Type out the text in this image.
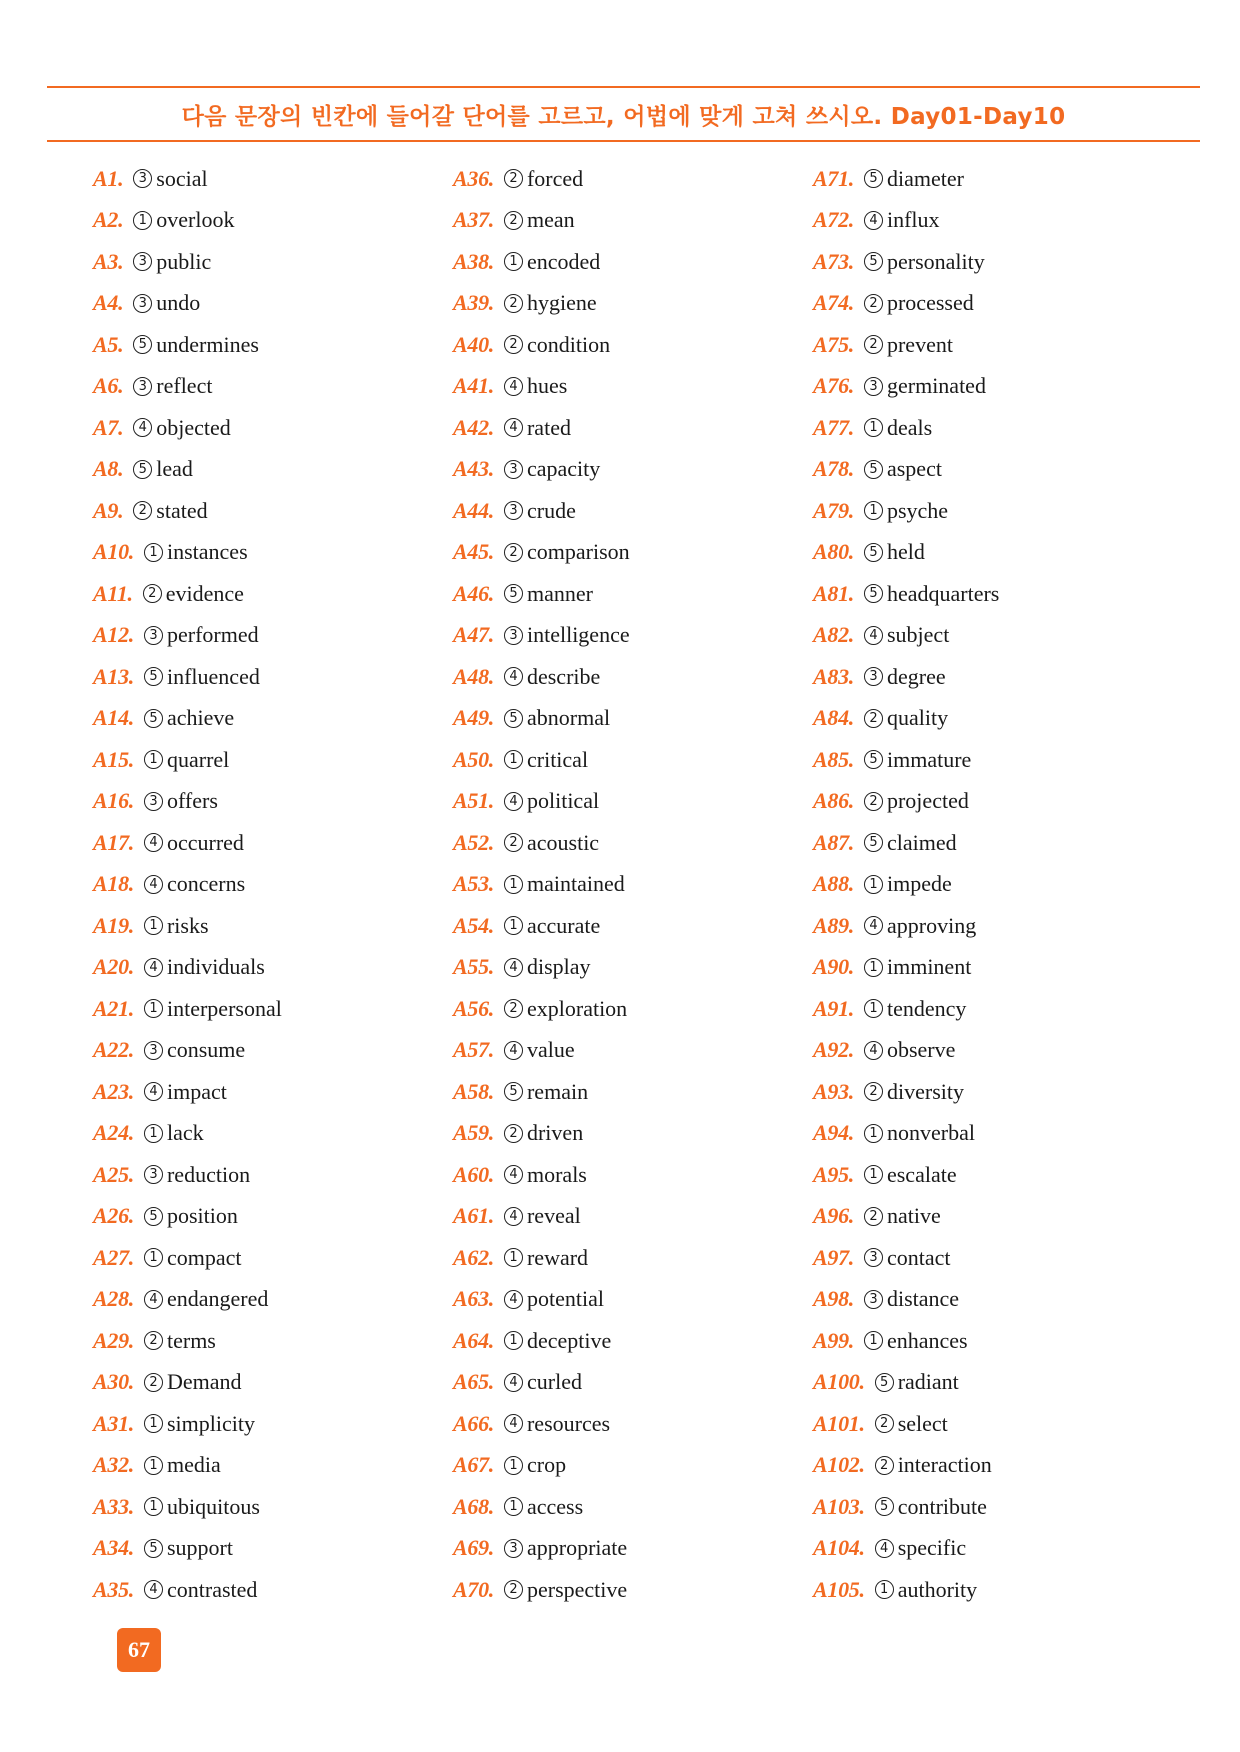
다음 문장의 빈칸에 들어갈 단어를 고르고, 어법에 맞게 고쳐 쓰시오. Day01-Day10
A1.	3 social
A2.	1 overlook
A3.	3 public
A4.	3 undo
A5.	5 undermines
A6.	3 reflect
A7.	4 objected
A8.	5 lead
A9.	2 stated
A10.	1 instances
A11.	2 evidence
A12.	3 performed
A13.	5 influenced
A14.	5 achieve
A15.	1 quarrel
A16.	3 offers
A17.	4 occurred
A18.	4 concerns
A19.	1 risks
A20.	4 individuals
A21.	1 interpersonal
A22.	3 consume
A23.	4 impact
A24.	1 lack
A25.	3 reduction
A26.	5 position
A27.	1 compact
A28.	4 endangered
A29.	2 terms
A30.	2 Demand
A31.	1 simplicity
A32.	1 media
A33.	1 ubiquitous
A34.	5 support
A35.	4 contrasted
A36.	2 forced
A37.	2 mean
A38.	1 encoded
A39.	2 hygiene
A40.	2 condition
A41.	4 hues
A42.	4 rated
A43.	3 capacity
A44.	3 crude
A45.	2 comparison
A46.	5 manner
A47.	3 intelligence
A48.	4 describe
A49.	5 abnormal
A50.	1 critical
A51.	4 political
A52.	2 acoustic
A53.	1 maintained
A54.	1 accurate
A55.	4 display
A56.	2 exploration
A57.	4 value
A58.	5 remain
A59.	2 driven
A60.	4 morals
A61.	4 reveal
A62.	1 reward
A63.	4 potential
A64.	1 deceptive
A65.	4 curled
A66.	4 resources
A67.	1 crop
A68.	1 access
A69.	3 appropriate
A70.	2 perspective
A71.	5 diameter
A72.	4 influx
A73.	5 personality
A74.	2 processed
A75.	2 prevent
A76.	3 germinated
A77.	1 deals
A78.	5 aspect
A79.	1 psyche
A80.	5 held
A81.	5 headquarters
A82.	4 subject
A83.	3 degree
A84.	2 quality
A85.	5 immature
A86.	2 projected
A87.	5 claimed
A88.	1 impede
A89.	4 approving
A90.	1 imminent
A91.	1 tendency
A92.	4 observe
A93.	2 diversity
A94.	1 nonverbal
A95.	1 escalate
A96.	2 native
A97.	3 contact
A98.	3 distance
A99.	1 enhances
A100.	5 radiant
A101.	2 select
A102.	2 interaction
A103.	5 contribute
A104.	4 specific
A105.	1 authority
67
